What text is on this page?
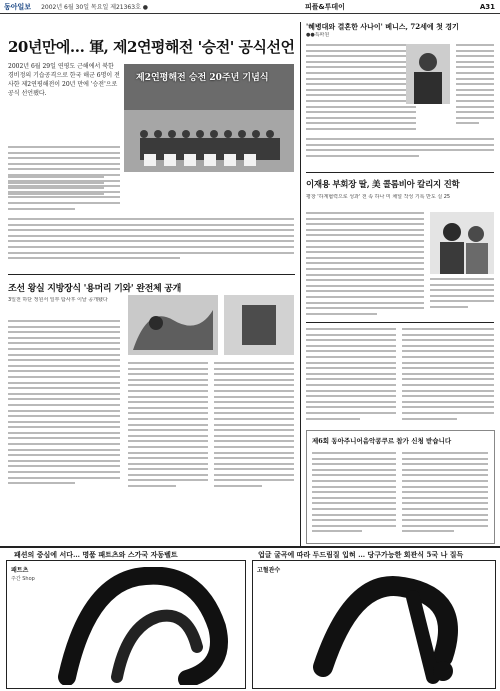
동아일보 2002년 6월 30일 목요일 제21363호 ●	피플&투데이	A31
20년만에… 軍, 제2연평해전 '승전' 공식선언
2002년 6월 29일 연평도 근해에서 북한 경비정의 기습공격으로 한국 해군 6명이 전사한 제2연평해전이 20년 만에 '승전'으로 공식 선언됐다.
제2연평해전 승전 20주년 기념식
조선 왕실 지방장식 '용머리 기와' 완전체 공개
3일전 하단 정원서 일부 탐사후 이날 공개됐다
'혜병대와 결혼한 사나이' 베니스, 72세에 첫 경기
●●특파원
이재용 부회장 딸, 美 콜롬비아 칼리지 진학
평창 '하계협력으로 성과' 전 속 하나 미 채널 작성 기록 반도 실 25
제6회 동아주니어음악콩쿠르 참가 신청 받습니다
패션의 중심에 서다… 명품 패트츠와 스가국 자동벨트
패트츠
주간 Shop
업글 굴곡에 따라 두드림질 입혀 … 당구가능한 회관식 5국 나 질득
고혈관수
